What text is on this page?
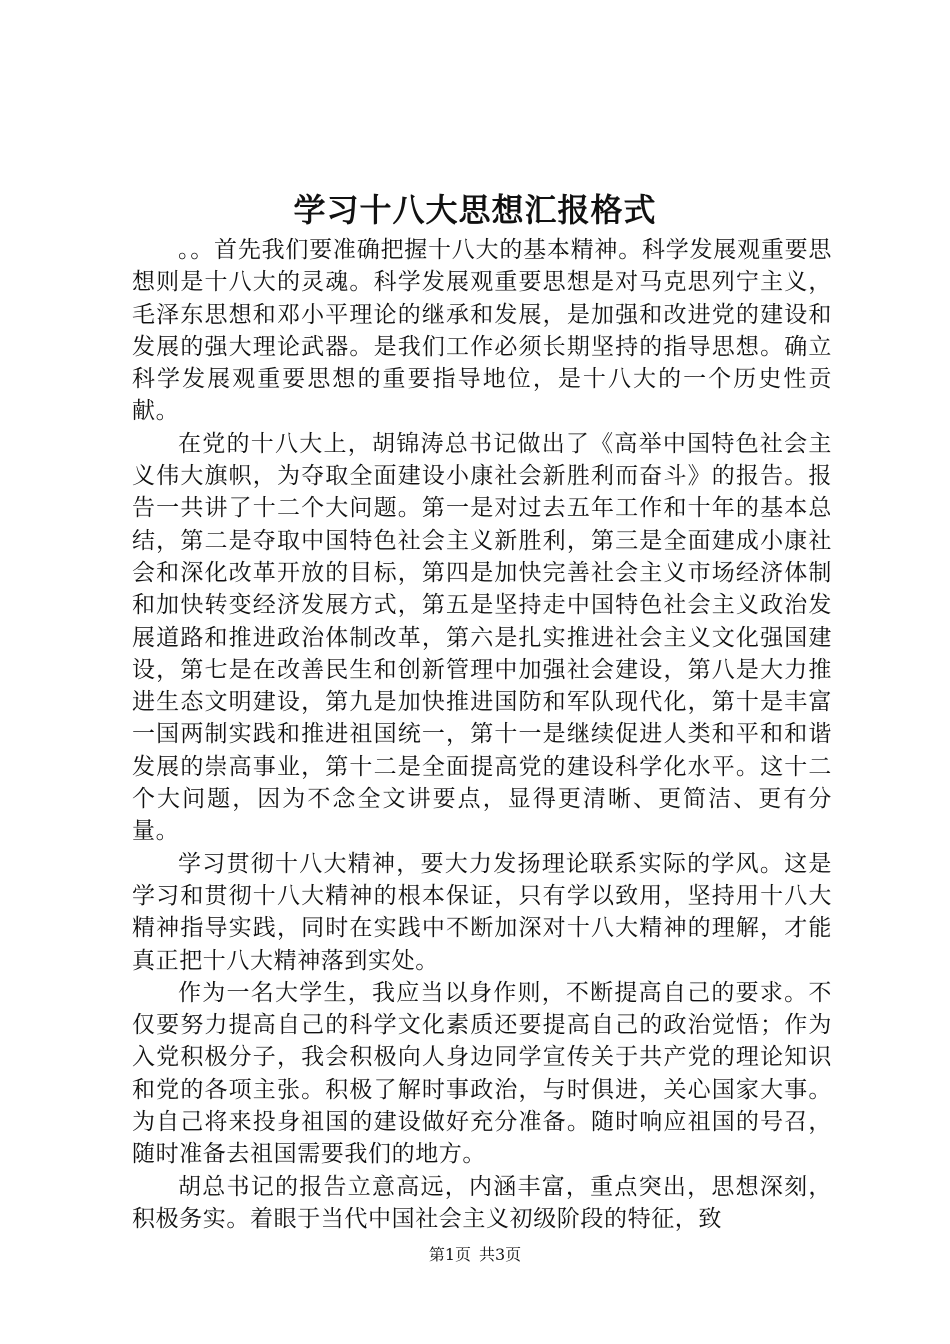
学习十八大思想汇报格式

。。首先我们要准确把握十八大的基本精神。科学发展观重要思想则是十八大的灵魂。科学发展观重要思想是对马克思列宁主义，毛泽东思想和邓小平理论的继承和发展，是加强和改进党的建设和发展的强大理论武器。是我们工作必须长期坚持的指导思想。确立科学发展观重要思想的重要指导地位，是十八大的一个历史性贡献。

在党的十八大上，胡锦涛总书记做出了《高举中国特色社会主义伟大旗帜，为夺取全面建设小康社会新胜利而奋斗》的报告。报告一共讲了十二个大问题。第一是对过去五年工作和十年的基本总结，第二是夺取中国特色社会主义新胜利，第三是全面建成小康社会和深化改革开放的目标，第四是加快完善社会主义市场经济体制和加快转变经济发展方式，第五是坚持走中国特色社会主义政治发展道路和推进政治体制改革，第六是扎实推进社会主义文化强国建设，第七是在改善民生和创新管理中加强社会建设，第八是大力推进生态文明建设，第九是加快推进国防和军队现代化，第十是丰富一国两制实践和推进祖国统一，第十一是继续促进人类和平和和谐发展的崇高事业，第十二是全面提高党的建设科学化水平。这十二个大问题，因为不念全文讲要点，显得更清晰、更简洁、更有分量。

学习贯彻十八大精神，要大力发扬理论联系实际的学风。这是学习和贯彻十八大精神的根本保证，只有学以致用，坚持用十八大精神指导实践，同时在实践中不断加深对十八大精神的理解，才能真正把十八大精神落到实处。

作为一名大学生，我应当以身作则，不断提高自己的要求。不仅要努力提高自己的科学文化素质还要提高自己的政治觉悟；作为入党积极分子，我会积极向人身边同学宣传关于共产党的理论知识和党的各项主张。积极了解时事政治，与时俱进，关心国家大事。为自己将来投身祖国的建设做好充分准备。随时响应祖国的号召，随时准备去祖国需要我们的地方。

胡总书记的报告立意高远，内涵丰富，重点突出，思想深刻，积极务实。着眼于当代中国社会主义初级阶段的特征，致

第1页 共3页
